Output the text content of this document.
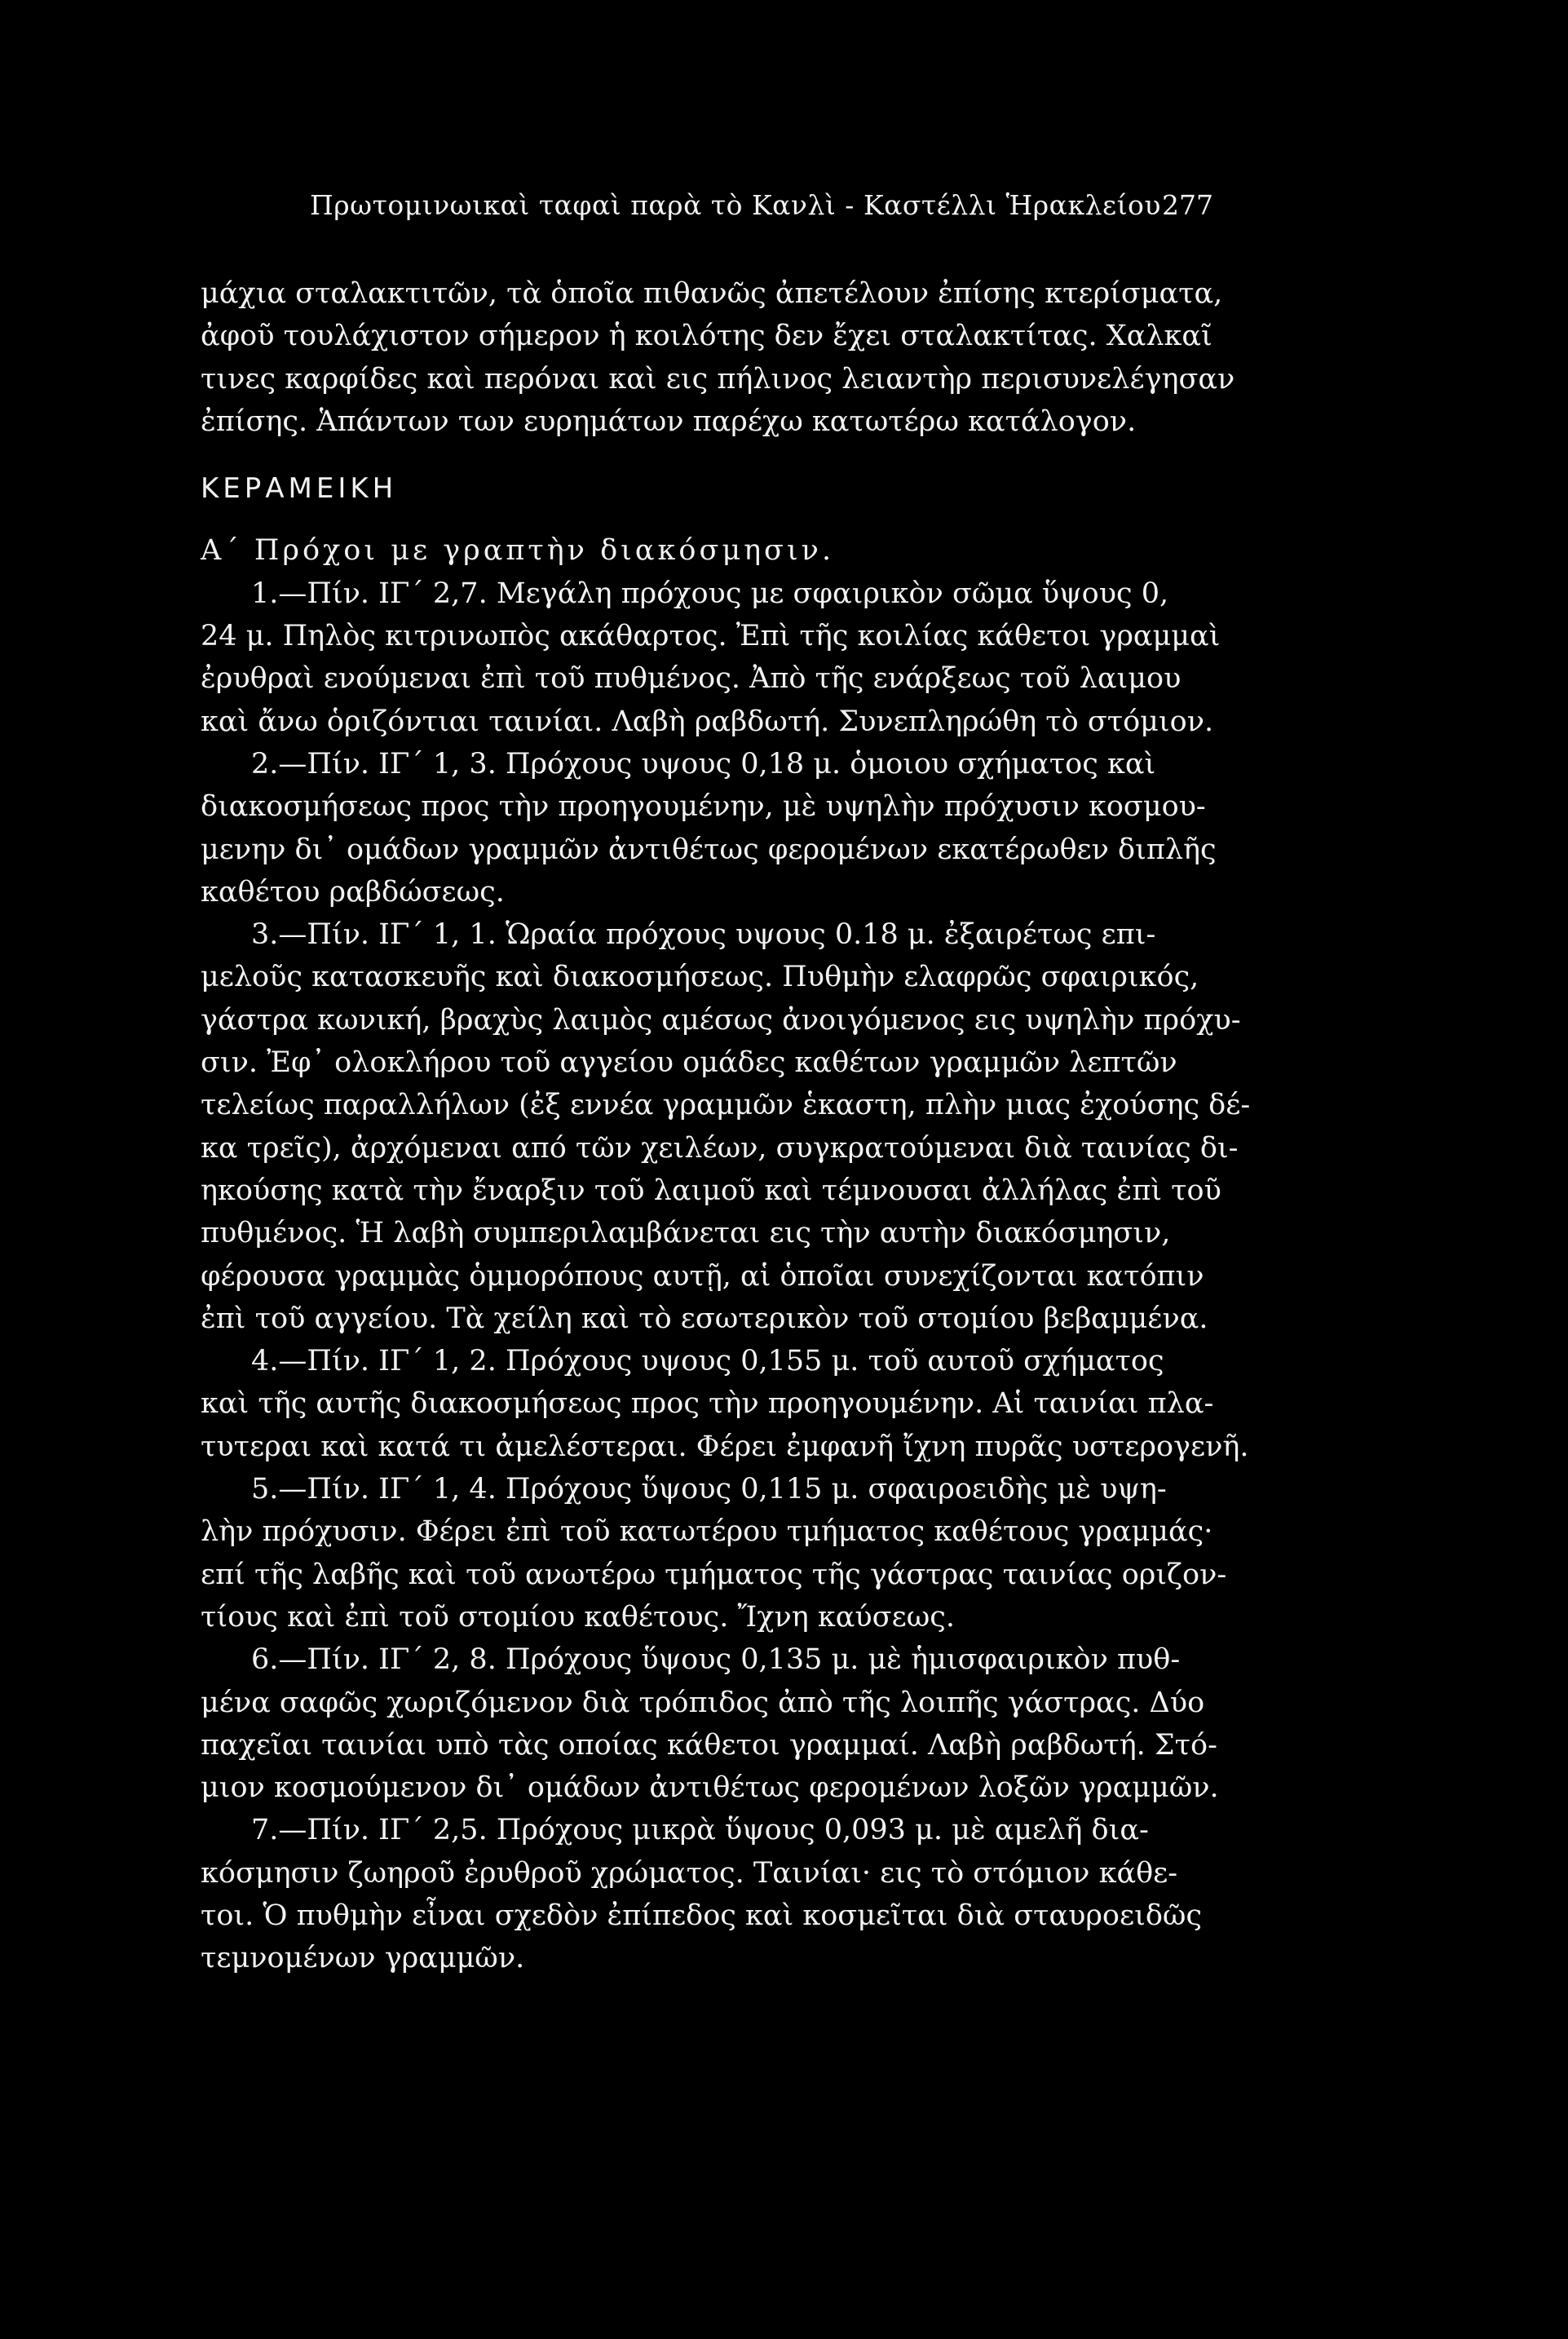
Πρωτομινωικαὶ ταφαὶ παρὰ τὸ Κανλὶ - Καστέλλι Ἡρακλείου 277
μάχια σταλακτιτῶν, τὰ ὁποῖα πιθανῶς ἀπετέλουν ἐπίσης κτερίσματα,
ἀφοῦ τουλάχιστον σήμερον ἡ κοιλότης δεν ἔχει σταλακτίτας. Χαλκαῖ
τινες καρφίδες καὶ περόναι καὶ εις πήλινος λειαντὴρ περισυνελέγησαν
ἐπίσης. Ἁπάντων των ευρημάτων παρέχω κατωτέρω κατάλογον.
ΚΕΡΑΜΕΙΚΗ
Α΄ Πρόχοι με γραπτὴν διακόσμησιν.
1.—Πίν. ΙΓ΄ 2,7. Μεγάλη πρόχους με σφαιρικὸν σῶμα ὕψους 0,
24 μ. Πηλὸς κιτρινωπὸς ακάθαρτος. Ἐπὶ τῆς κοιλίας κάθετοι γραμμαὶ
ἐρυθραὶ ενούμεναι ἐπὶ τοῦ πυθμένος. Ἀπὸ τῆς ενάρξεως τοῦ λαιμου
καὶ ἄνω ὁριζόντιαι ταινίαι. Λαβὴ ραβδωτή. Συνεπληρώθη τὸ στόμιον.
2.—Πίν. ΙΓ΄ 1, 3. Πρόχους υψους 0,18 μ. ὁμοιου σχήματος καὶ
διακοσμήσεως προς τὴν προηγουμένην, μὲ υψηλὴν πρόχυσιν κοσμου-
μενην δι᾿ ομάδων γραμμῶν ἀντιθέτως φερομένων εκατέρωθεν διπλῆς
καθέτου ραβδώσεως.
3.—Πίν. ΙΓ΄ 1, 1. Ὡραία πρόχους υψους 0.18 μ. ἐξαιρέτως επι-
μελοῦς κατασκευῆς καὶ διακοσμήσεως. Πυθμὴν ελαφρῶς σφαιρικός,
γάστρα κωνική, βραχὺς λαιμὸς αμέσως ἀνοιγόμενος εις υψηλὴν πρόχυ-
σιν. Ἐφ᾿ ολοκλήρου τοῦ αγγείου ομάδες καθέτων γραμμῶν λεπτῶν
τελείως παραλλήλων (ἐξ εννέα γραμμῶν ἑκαστη, πλὴν μιας ἐχούσης δέ-
κα τρεῖς), ἀρχόμεναι από τῶν χειλέων, συγκρατούμεναι διὰ ταινίας δι-
ηκούσης κατὰ τὴν ἔναρξιν τοῦ λαιμοῦ καὶ τέμνουσαι ἀλλήλας ἐπὶ τοῦ
πυθμένος. Ἡ λαβὴ συμπεριλαμβάνεται εις τὴν αυτὴν διακόσμησιν,
φέρουσα γραμμὰς ὁμμορόπους αυτῇ, αἱ ὁποῖαι συνεχίζονται κατόπιν
ἐπὶ τοῦ αγγείου. Τὰ χείλη καὶ τὸ εσωτερικὸν τοῦ στομίου βεβαμμένα.
4.—Πίν. ΙΓ΄ 1, 2. Πρόχους υψους 0,155 μ. τοῦ αυτοῦ σχήματος
καὶ τῆς αυτῆς διακοσμήσεως προς τὴν προηγουμένην. Αἱ ταινίαι πλα-
τυτεραι καὶ κατά τι ἀμελέστεραι. Φέρει ἐμφανῆ ἴχνη πυρᾶς υστερογενῆ.
5.—Πίν. ΙΓ΄ 1, 4. Πρόχους ὕψους 0,115 μ. σφαιροειδὴς μὲ υψη-
λὴν πρόχυσιν. Φέρει ἐπὶ τοῦ κατωτέρου τμήματος καθέτους γραμμάς·
επί τῆς λαβῆς καὶ τοῦ ανωτέρω τμήματος τῆς γάστρας ταινίας οριζον-
τίους καὶ ἐπὶ τοῦ στομίου καθέτους. Ἴχνη καύσεως.
6.—Πίν. ΙΓ΄ 2, 8. Πρόχους ὕψους 0,135 μ. μὲ ἡμισφαιρικὸν πυθ-
μένα σαφῶς χωριζόμενον διὰ τρόπιδος ἀπὸ τῆς λοιπῆς γάστρας. Δύο
παχεῖαι ταινίαι υπὸ τὰς οποίας κάθετοι γραμμαί. Λαβὴ ραβδωτή. Στό-
μιον κοσμούμενον δι᾿ ομάδων ἀντιθέτως φερομένων λοξῶν γραμμῶν.
7.—Πίν. ΙΓ΄ 2,5. Πρόχους μικρὰ ὕψους 0,093 μ. μὲ αμελῆ δια-
κόσμησιν ζωηροῦ ἐρυθροῦ χρώματος. Ταινίαι· εις τὸ στόμιον κάθε-
τοι. Ὁ πυθμὴν εἶναι σχεδὸν ἐπίπεδος καὶ κοσμεῖται διὰ σταυροειδῶς
τεμνομένων γραμμῶν.
